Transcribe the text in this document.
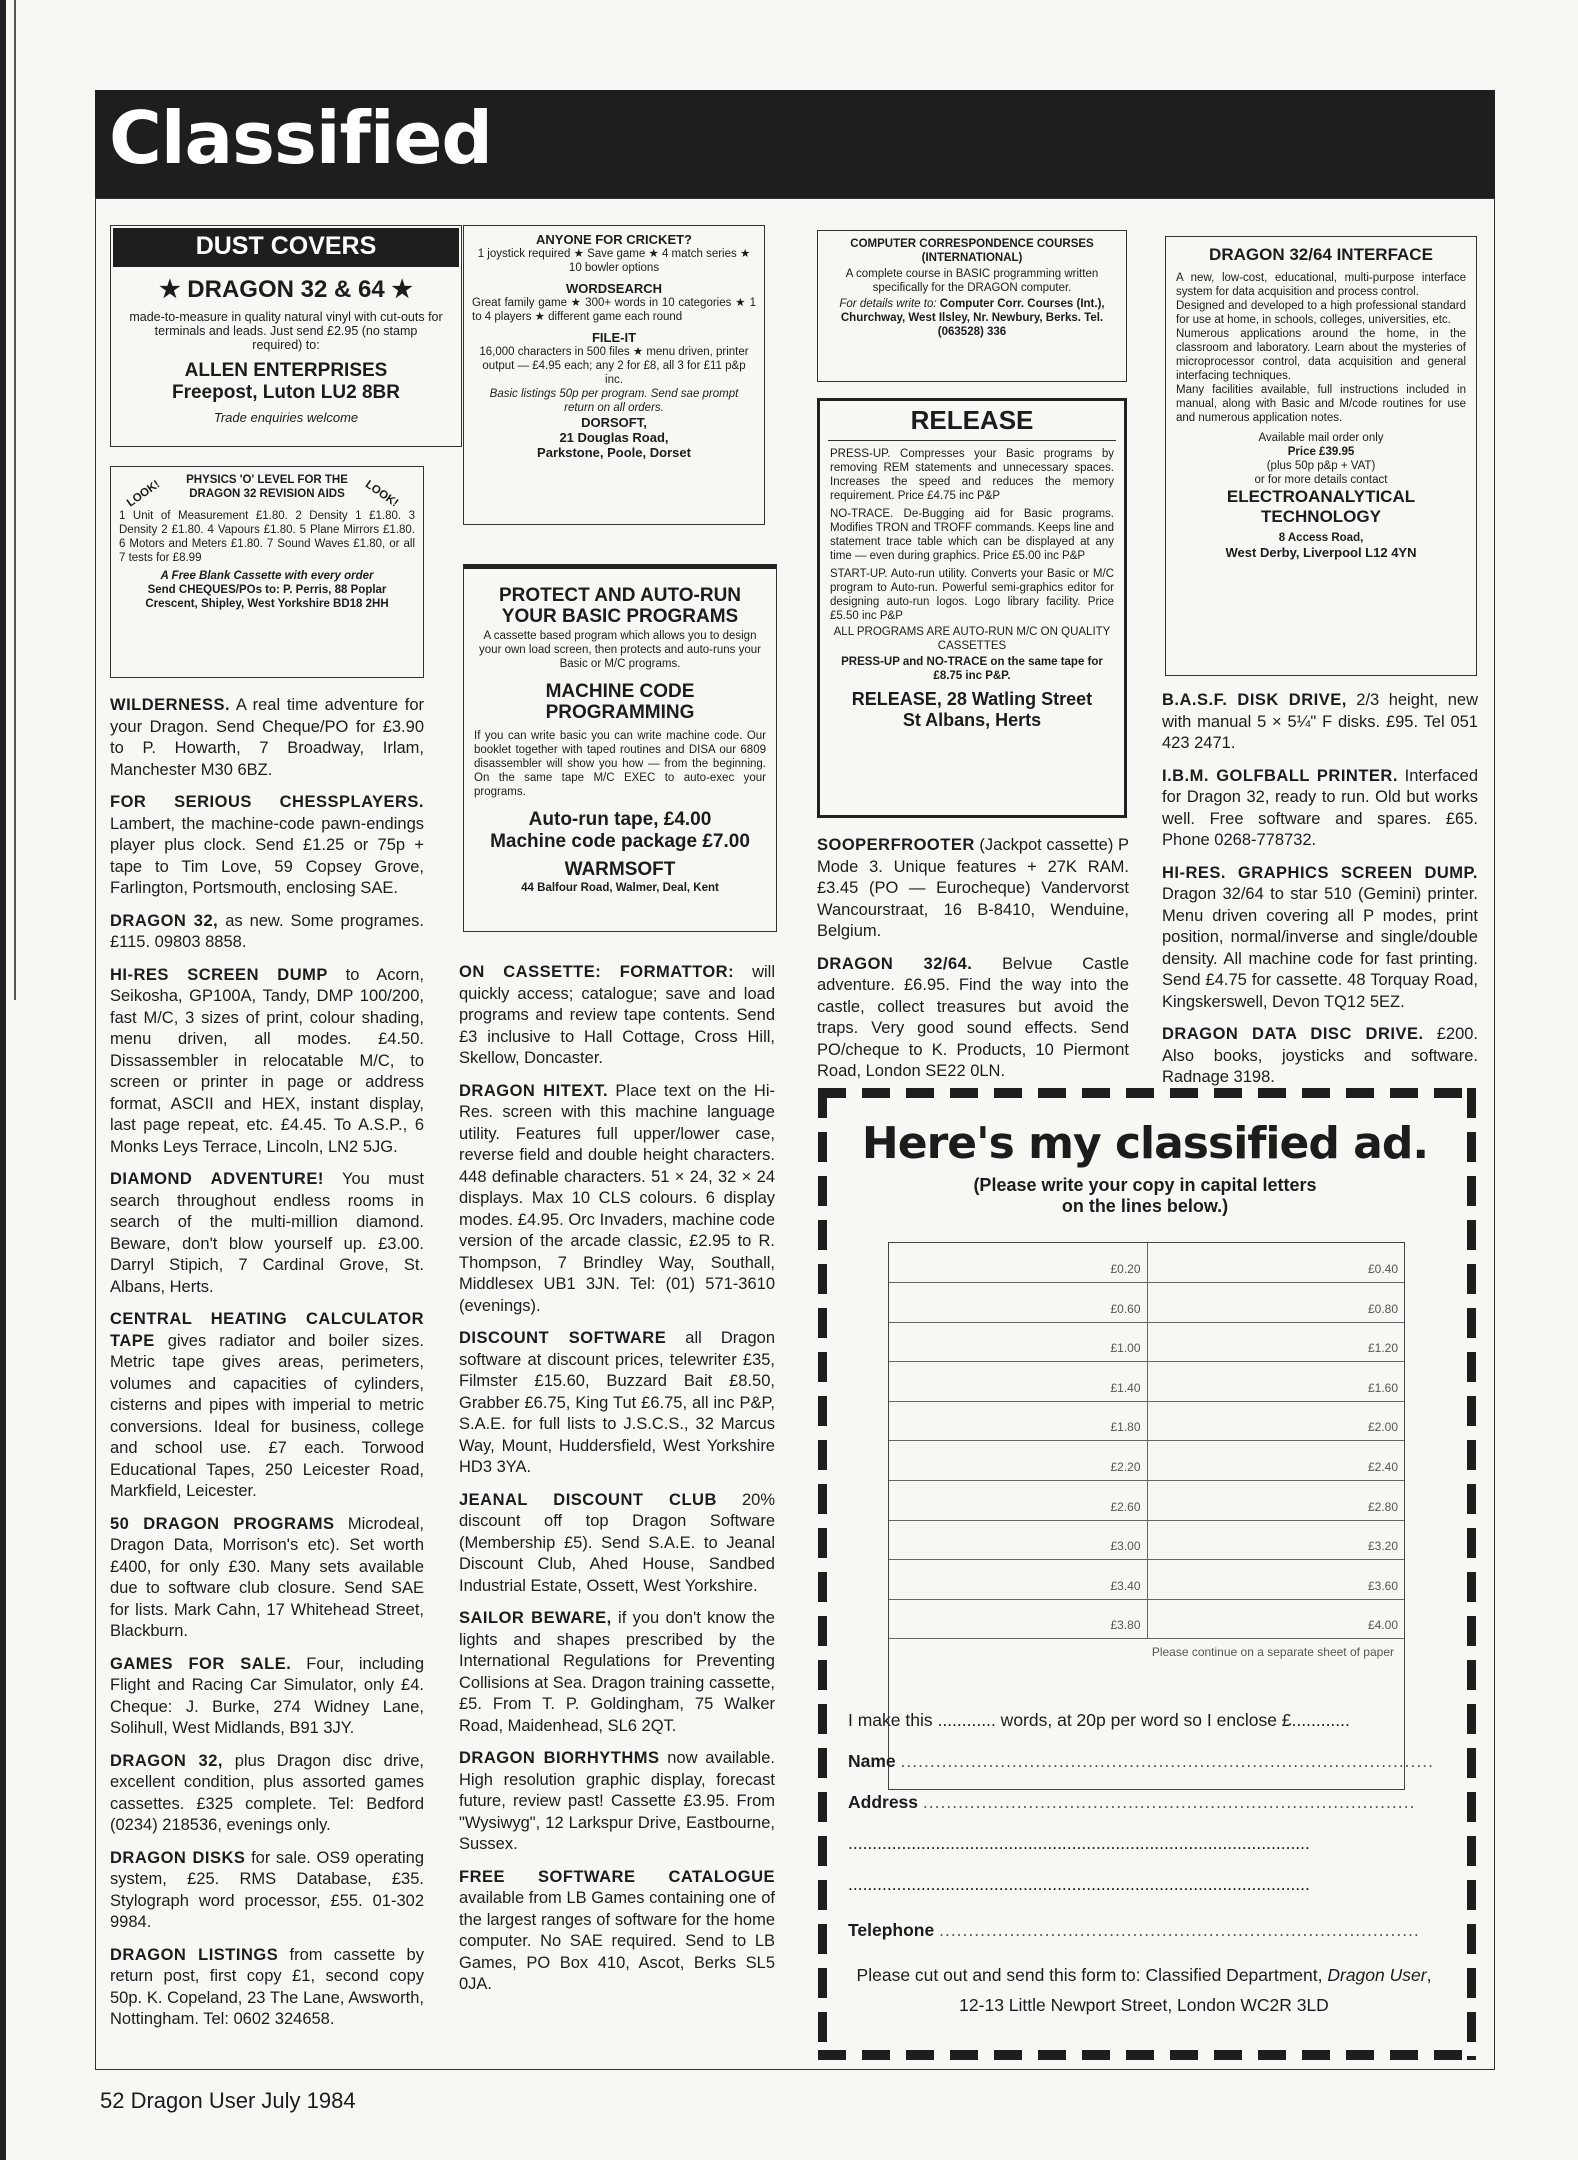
Classified
DUST COVERS
★ DRAGON 32 & 64 ★
made-to-measure in quality natural vinyl with cut-outs for terminals and leads. Just send £2.95 (no stamp required) to:
ALLEN ENTERPRISES
Freepost, Luton LU2 8BR
Trade enquiries welcome
LOOK!	LOOK!
PHYSICS 'O' LEVEL FOR THE DRAGON 32 REVISION AIDS
1 Unit of Measurement £1.80. 2 Density 1 £1.80. 3 Density 2 £1.80. 4 Vapours £1.80. 5 Plane Mirrors £1.80. 6 Motors and Meters £1.80. 7 Sound Waves £1.80, or all 7 tests for £8.99
A Free Blank Cassette with every order
Send CHEQUES/POs to: P. Perris, 88 Poplar Crescent, Shipley, West Yorkshire BD18 2HH

WILDERNESS. A real time adventure for your Dragon. Send Cheque/PO for £3.90 to P. Howarth, 7 Broadway, Irlam, Manchester M30 6BZ.

FOR SERIOUS CHESSPLAYERS. Lambert, the machine-code pawn-endings player plus clock. Send £1.25 or 75p + tape to Tim Love, 59 Copsey Grove, Farlington, Portsmouth, enclosing SAE.

DRAGON 32, as new. Some programes. £115. 09803 8858.

HI-RES SCREEN DUMP to Acorn, Seikosha, GP100A, Tandy, DMP 100/200, fast M/C, 3 sizes of print, colour shading, menu driven, all modes. £4.50. Dissassembler in relocatable M/C, to screen or printer in page or address format, ASCII and HEX, instant display, last page repeat, etc. £4.45. To A.S.P., 6 Monks Leys Terrace, Lincoln, LN2 5JG.

DIAMOND ADVENTURE! You must search throughout endless rooms in search of the multi-million diamond. Beware, don't blow yourself up. £3.00. Darryl Stipich, 7 Cardinal Grove, St. Albans, Herts.

CENTRAL HEATING CALCULATOR TAPE gives radiator and boiler sizes. Metric tape gives areas, perimeters, volumes and capacities of cylinders, cisterns and pipes with imperial to metric conversions. Ideal for business, college and school use. £7 each. Torwood Educational Tapes, 250 Leicester Road, Markfield, Leicester.

50 DRAGON PROGRAMS Microdeal, Dragon Data, Morrison's etc). Set worth £400, for only £30. Many sets available due to software club closure. Send SAE for lists. Mark Cahn, 17 Whitehead Street, Blackburn.

GAMES FOR SALE. Four, including Flight and Racing Car Simulator, only £4. Cheque: J. Burke, 274 Widney Lane, Solihull, West Midlands, B91 3JY.

DRAGON 32, plus Dragon disc drive, excellent condition, plus assorted games cassettes. £325 complete. Tel: Bedford (0234) 218536, evenings only.

DRAGON DISKS for sale. OS9 operating system, £25. RMS Database, £35. Stylograph word processor, £55. 01-302 9984.

DRAGON LISTINGS from cassette by return post, first copy £1, second copy 50p. K. Copeland, 23 The Lane, Awsworth, Nottingham. Tel: 0602 324658.

ANYONE FOR CRICKET?
1 joystick required ★ Save game ★ 4 match series ★ 10 bowler options
WORDSEARCH
Great family game ★ 300+ words in 10 categories ★ 1 to 4 players ★ different game each round
FILE-IT
16,000 characters in 500 files ★ menu driven, printer output — £4.95 each; any 2 for £8, all 3 for £11 p&p inc.
Basic listings 50p per program. Send sae prompt return on all orders.
DORSOFT,
21 Douglas Road,
Parkstone, Poole, Dorset
PROTECT AND AUTO-RUN YOUR BASIC PROGRAMS
A cassette based program which allows you to design your own load screen, then protects and auto-runs your Basic or M/C programs.
MACHINE CODE PROGRAMMING
If you can write basic you can write machine code. Our booklet together with taped routines and DISA our 6809 disassembler will show you how — from the beginning. On the same tape M/C EXEC to auto-exec your programs.
Auto-run tape, £4.00
Machine code package £7.00
WARMSOFT
44 Balfour Road, Walmer, Deal, Kent

ON CASSETTE: FORMATTOR: will quickly access; catalogue; save and load programs and review tape contents. Send £3 inclusive to Hall Cottage, Cross Hill, Skellow, Doncaster.

DRAGON HITEXT. Place text on the Hi-Res. screen with this machine language utility. Features full upper/lower case, reverse field and double height characters. 448 definable characters. 51 × 24, 32 × 24 displays. Max 10 CLS colours. 6 display modes. £4.95. Orc Invaders, machine code version of the arcade classic, £2.95 to R. Thompson, 7 Brindley Way, Southall, Middlesex UB1 3JN. Tel: (01) 571-3610 (evenings).

DISCOUNT SOFTWARE all Dragon software at discount prices, telewriter £35, Filmster £15.60, Buzzard Bait £8.50, Grabber £6.75, King Tut £6.75, all inc P&P, S.A.E. for full lists to J.S.C.S., 32 Marcus Way, Mount, Huddersfield, West Yorkshire HD3 3YA.

JEANAL DISCOUNT CLUB 20% discount off top Dragon Software (Membership £5). Send S.A.E. to Jeanal Discount Club, Ahed House, Sandbed Industrial Estate, Ossett, West Yorkshire.

SAILOR BEWARE, if you don't know the lights and shapes prescribed by the International Regulations for Preventing Collisions at Sea. Dragon training cassette, £5. From T. P. Goldingham, 75 Walker Road, Maidenhead, SL6 2QT.

DRAGON BIORHYTHMS now available. High resolution graphic display, forecast future, review past! Cassette £3.95. From "Wysiwyg", 12 Larkspur Drive, Eastbourne, Sussex.

FREE SOFTWARE CATALOGUE available from LB Games containing one of the largest ranges of software for the home computer. No SAE required. Send to LB Games, PO Box 410, Ascot, Berks SL5 0JA.

COMPUTER CORRESPONDENCE COURSES (INTERNATIONAL)
A complete course in BASIC programming written specifically for the DRAGON computer.
For details write to: Computer Corr. Courses (Int.), Churchway, West Ilsley, Nr. Newbury, Berks. Tel. (063528) 336
RELEASE
PRESS-UP. Compresses your Basic programs by removing REM statements and unnecessary spaces. Increases the speed and reduces the memory requirement. Price £4.75 inc P&P
NO-TRACE. De-Bugging aid for Basic programs. Modifies TRON and TROFF commands. Keeps line and statement trace table which can be displayed at any time — even during graphics. Price £5.00 inc P&P
START-UP. Auto-run utility. Converts your Basic or M/C program to Auto-run. Powerful semi-graphics editor for designing auto-run logos. Logo library facility. Price £5.50 inc P&P
ALL PROGRAMS ARE AUTO-RUN M/C ON QUALITY CASSETTES
PRESS-UP and NO-TRACE on the same tape for £8.75 inc P&P.
RELEASE, 28 Watling Street
St Albans, Herts

SOOPERFROOTER (Jackpot cassette) P Mode 3. Unique features + 27K RAM. £3.45 (PO — Eurocheque) Vandervorst Wancourstraat, 16 B-8410, Wenduine, Belgium.

DRAGON 32/64. Belvue Castle adventure. £6.95. Find the way into the castle, collect treasures but avoid the traps. Very good sound effects. Send PO/cheque to K. Products, 10 Piermont Road, London SE22 0LN.

DRAGON 32/64 INTERFACE
A new, low-cost, educational, multi-purpose interface system for data acquisition and process control.
Designed and developed to a high professional standard for use at home, in schools, colleges, universities, etc.
Numerous applications around the home, in the classroom and laboratory. Learn about the mysteries of microprocessor control, data acquisition and general interfacing techniques.
Many facilities available, full instructions included in manual, along with Basic and M/code routines for use and numerous application notes.
Available mail order only
Price £39.95
(plus 50p p&p + VAT)
or for more details contact
ELECTROANALYTICAL
TECHNOLOGY
8 Access Road,
West Derby, Liverpool L12 4YN

B.A.S.F. DISK DRIVE, 2/3 height, new with manual 5 × 5¼" F disks. £95. Tel 051 423 2471.

I.B.M. GOLFBALL PRINTER. Interfaced for Dragon 32, ready to run. Old but works well. Free software and spares. £65. Phone 0268-778732.

HI-RES. GRAPHICS SCREEN DUMP. Dragon 32/64 to star 510 (Gemini) printer. Menu driven covering all P modes, print position, normal/inverse and single/double density. All machine code for fast printing. Send £4.75 for cassette. 48 Torquay Road, Kingskerswell, Devon TQ12 5EZ.

DRAGON DATA DISC DRIVE. £200. Also books, joysticks and software. Radnage 3198.

Here's my classified ad.
(Please write your copy in capital letters
on the lines below.)
£0.20	£0.40
£0.60	£0.80
£1.00	£1.20
£1.40	£1.60
£1.80	£2.00
£2.20	£2.40
£2.60	£2.80
£3.00	£3.20
£3.40	£3.60
£3.80	£4.00
Please continue on a separate sheet of paper
I make this ............ words, at 20p per word so I enclose £............
Name ...........................................................................................
Address ....................................................................................
...............................................................................................
...............................................................................................
Telephone ..................................................................................
Please cut out and send this form to: Classified Department, Dragon User, 12-13 Little Newport Street, London WC2R 3LD
52 Dragon User July 1984
